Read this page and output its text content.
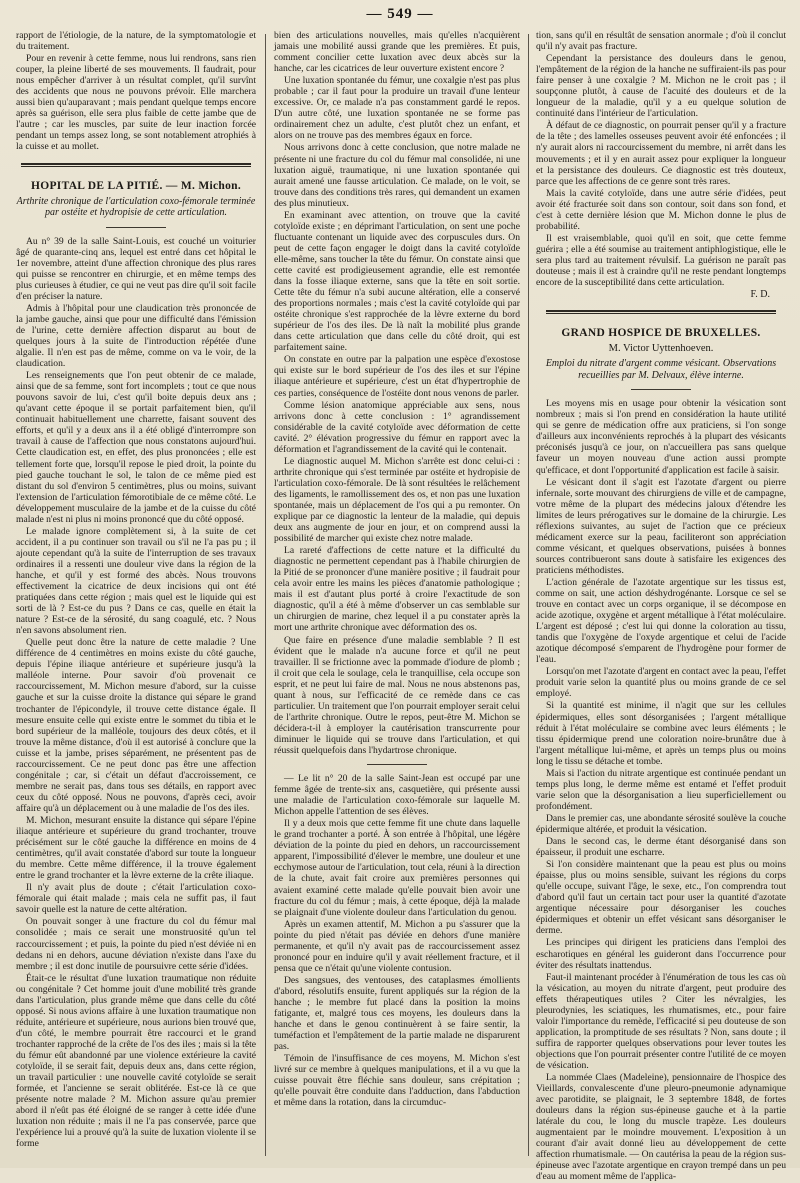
— 549 —

rapport de l'étiologie, de la nature, de la symptomatologie et du traitement.

Pour en revenir à cette femme, nous lui rendrons, sans rien couper, la pleine liberté de ses mouvements. Il faudrait, pour nous empêcher d'arriver à un résultat complet, qu'il survînt des accidents que nous ne pouvons prévoir. Elle marchera aussi bien qu'auparavant ; mais pendant quelque temps encore après sa guérison, elle sera plus faible de cette jambe que de l'autre ; car les muscles, par suite de leur inaction forcée pendant un temps assez long, se sont notablement atrophiés à la cuisse et au mollet.

HOPITAL DE LA PITIÉ. — M. Michon.
Arthrite chronique de l'articulation coxo-fémorale terminée par ostéite et hydropisie de cette articulation.

Au n° 39 de la salle Saint-Louis, est couché un voiturier âgé de quarante-cinq ans, lequel est entré dans cet hôpital le 1er novembre, atteint d'une affection chronique des plus rares qui puisse se rencontrer en chirurgie, et en même temps des plus curieuses à étudier, ce qui ne veut pas dire qu'il soit facile d'en préciser la nature.

Admis à l'hôpital pour une claudication très prononcée de la jambe gauche, ainsi que pour une difficulté dans l'émission de l'urine, cette dernière affection disparut au bout de quelques jours à la suite de l'introduction répétée d'une algalie. Il n'en est pas de même, comme on va le voir, de la claudication.

Les renseignements que l'on peut obtenir de ce malade, ainsi que de sa femme, sont fort incomplets ; tout ce que nous pouvons savoir de lui, c'est qu'il boite depuis deux ans ; qu'avant cette époque il se portait parfaitement bien, qu'il continuait habituellement une charrette, faisant souvent des efforts, et qu'il y a deux ans il a été obligé d'interrompre son travail à cause de l'affection que nous constatons aujourd'hui. Cette claudication est, en effet, des plus prononcées ; elle est tellement forte que, lorsqu'il repose le pied droit, la pointe du pied gauche touchant le sol, le talon de ce même pied est distant du sol d'environ 5 centimètres, plus ou moins, suivant l'extension de l'articulation fémorotibiale de ce même côté. Le développement musculaire de la jambe et de la cuisse du côté malade n'est ni plus ni moins prononcé que du côté opposé.

Le malade ignore complètement si, à la suite de cet accident, il a pu continuer son travail ou s'il ne l'a pas pu ; il ajoute cependant qu'à la suite de l'interruption de ses travaux ordinaires il a ressenti une douleur vive dans la région de la hanche, et qu'il y est formé des abcès. Nous trouvons effectivement la cicatrice de deux incisions qui ont été pratiquées dans cette région ; mais quel est le liquide qui est sorti de là ? Est-ce du pus ? Dans ce cas, quelle en était la nature ? Est-ce de la sérosité, du sang coagulé, etc. ? Nous n'en savons absolument rien.

Quelle peut donc être la nature de cette maladie ? Une différence de 4 centimètres en moins existe du côté gauche, depuis l'épine iliaque antérieure et supérieure jusqu'à la malléole interne. Pour savoir d'où provenait ce raccourcissement, M. Michon mesure d'abord, sur la cuisse gauche et sur la cuisse droite la distance qui sépare le grand trochanter de l'épicondyle, il trouve cette distance égale. Il mesure ensuite celle qui existe entre le sommet du tibia et le bord supérieur de la malléole, toujours des deux côtés, et il trouve la même distance, d'où il est autorisé à conclure que la cuisse et la jambe, prises séparément, ne présentent pas de raccourcissement. Ce ne peut donc pas être une affection congénitale ; car, si c'était un défaut d'accroissement, ce membre ne serait pas, dans tous ses détails, en rapport avec ceux du côté opposé. Nous ne pouvons, d'après ceci, avoir affaire qu'à un déplacement ou à une maladie de l'os des iles.

M. Michon, mesurant ensuite la distance qui sépare l'épine iliaque antérieure et supérieure du grand trochanter, trouve précisément sur le côté gauche la différence en moins de 4 centimètres, qu'il avait constatée d'abord sur toute la longueur du membre. Cette même différence, il la trouve également entre le grand trochanter et la lèvre externe de la crête iliaque.

Il n'y avait plus de doute ; c'était l'articulation coxo-fémorale qui était malade ; mais cela ne suffit pas, il faut savoir quelle est la nature de cette altération.

On pouvait songer à une fracture du col du fémur mal consolidée ; mais ce serait une monstruosité qu'un tel raccourcissement ; et puis, la pointe du pied n'est déviée ni en dedans ni en dehors, aucune déviation n'existe dans l'axe du membre ; il est donc inutile de poursuivre cette série d'idées.

Était-ce le résultat d'une luxation traumatique non réduite ou congénitale ? Cet homme jouit d'une mobilité très grande dans l'articulation, plus grande même que dans celle du côté opposé. Si nous avions affaire à une luxation traumatique non réduite, antérieure et supérieure, nous aurions bien trouvé que, d'un côté, le membre pourrait être raccourci et le grand trochanter rapproché de la crête de l'os des iles ; mais si la tête du fémur eût abandonné par une violence extérieure la cavité cotyloïde, il se serait fait, depuis deux ans, dans cette région, un travail particulier : une nouvelle cavité cotyloïde se serait formée, et l'ancienne se serait oblitérée. Est-ce là ce que présente notre malade ? M. Michon assure qu'au premier abord il n'eût pas été éloigné de se ranger à cette idée d'une luxation non réduite ; mais il ne l'a pas conservée, parce que l'expérience lui a prouvé qu'à la suite de luxation violente il se forme

bien des articulations nouvelles, mais qu'elles n'acquièrent jamais une mobilité aussi grande que les premières. Et puis, comment concilier cette luxation avec deux abcès sur la hanche, car les cicatrices de leur ouverture existent encore ?

Une luxation spontanée du fémur, une coxalgie n'est pas plus probable ; car il faut pour la produire un travail d'une lenteur excessive. Or, ce malade n'a pas constamment gardé le repos. D'un autre côté, une luxation spontanée ne se forme pas ordinairement chez un adulte, c'est plutôt chez un enfant, et alors on ne trouve pas des membres égaux en force.

Nous arrivons donc à cette conclusion, que notre malade ne présente ni une fracture du col du fémur mal consolidée, ni une luxation aiguë, traumatique, ni une luxation spontanée qui aurait amené une fausse articulation. Ce malade, on le voit, se trouve dans des conditions très rares, qui demandent un examen des plus minutieux.

En examinant avec attention, on trouve que la cavité cotyloïde existe ; en déprimant l'articulation, on sent une poche fluctuante contenant un liquide avec des corpuscules durs. On peut de cette façon engager le doigt dans la cavité cotyloïde elle-même, sans toucher la tête du fémur. On constate ainsi que cette cavité est prodigieusement agrandie, elle est remontée dans la fosse iliaque externe, sans que la tête en soit sortie. Cette tête du fémur n'a subi aucune altération, elle a conservé des proportions normales ; mais c'est la cavité cotyloïde qui par ostéite chronique s'est rapprochée de la lèvre externe du bord supérieur de l'os des iles. De là naît la mobilité plus grande dans cette articulation que dans celle du côté droit, qui est parfaitement saine.

On constate en outre par la palpation une espèce d'exostose qui existe sur le bord supérieur de l'os des iles et sur l'épine iliaque antérieure et supérieure, c'est un état d'hypertrophie de ces parties, conséquence de l'ostéite dont nous venons de parler.

Comme lésion anatomique appréciable aux sens, nous arrivons donc à cette conclusion : 1° agrandissement considérable de la cavité cotyloïde avec déformation de cette cavité. 2° élévation progressive du fémur en rapport avec la déformation et l'agrandissement de la cavité qui le contenait.

Le diagnostic auquel M. Michon s'arrête est donc celui-ci : arthrite chronique qui s'est terminée par ostéite et hydropisie de l'articulation coxo-fémorale. De là sont résultées le relâchement des ligaments, le ramollissement des os, et non pas une luxation spontanée, mais un déplacement de l'os qui a pu remonter. On explique par ce diagnostic la lenteur de la maladie, qui depuis deux ans augmente de jour en jour, et on comprend aussi la possibilité de marcher qui existe chez notre malade.

La rareté d'affections de cette nature et la difficulté du diagnostic ne permettent cependant pas à l'habile chirurgien de la Pitié de se prononcer d'une manière positive ; il faudrait pour cela avoir entre les mains les pièces d'anatomie pathologique ; mais il est d'autant plus porté à croire l'exactitude de son diagnostic, qu'il a été à même d'observer un cas semblable sur un chirurgien de marine, chez lequel il a pu constater après la mort une arthrite chronique avec déformation des os.

Que faire en présence d'une maladie semblable ? Il est évident que le malade n'a aucune force et qu'il ne peut travailler. Il se frictionne avec la pommade d'iodure de plomb ; il croit que cela le soulage, cela le tranquillise, cela occupe son esprit, et ne peut lui faire de mal. Nous ne nous abstenons pas, quant à nous, sur l'efficacité de ce remède dans ce cas particulier. Un traitement que l'on pourrait employer serait celui de l'arthrite chronique. Outre le repos, peut-être M. Michon se décidera-t-il à employer la cautérisation transcurrente pour diminuer le liquide qui se trouve dans l'articulation, et qui réussit quelquefois dans l'hydartrose chronique.

— Le lit n° 20 de la salle Saint-Jean est occupé par une femme âgée de trente-six ans, casquetière, qui présente aussi une maladie de l'articulation coxo-fémorale sur laquelle M. Michon appelle l'attention de ses élèves.

Il y a deux mois que cette femme fit une chute dans laquelle le grand trochanter a porté. À son entrée à l'hôpital, une légère déviation de la pointe du pied en dehors, un raccourcissement apparent, l'impossibilité d'élever le membre, une douleur et une ecchymose autour de l'articulation, tout cela, réuni à la direction de la chute, avait fait croire aux premières personnes qui avaient examiné cette malade qu'elle pouvait bien avoir une fracture du col du fémur ; mais, à cette époque, déjà la malade se plaignait d'une violente douleur dans l'articulation du genou.

Après un examen attentif, M. Michon a pu s'assurer que la pointe du pied n'était pas déviée en dehors d'une manière permanente, et qu'il n'y avait pas de raccourcissement assez prononcé pour en induire qu'il y avait réellement fracture, et il pensa que ce n'était qu'une violente contusion.

Des sangsues, des ventouses, des cataplasmes émollients d'abord, résolutifs ensuite, furent appliqués sur la région de la hanche ; le membre fut placé dans la position la moins fatigante, et, malgré tous ces moyens, les douleurs dans la hanche et dans le genou continuèrent à se faire sentir, la tuméfaction et l'empâtement de la partie malade ne disparurent pas.

Témoin de l'insuffisance de ces moyens, M. Michon s'est livré sur ce membre à quelques manipulations, et il a vu que la cuisse pouvait être fléchie sans douleur, sans crépitation ; qu'elle pouvait être conduite dans l'adduction, dans l'abduction et même dans la rotation, dans la circumduc-

tion, sans qu'il en résultât de sensation anormale ; d'où il conclut qu'il n'y avait pas fracture.

Cependant la persistance des douleurs dans le genou, l'empâtement de la région de la hanche ne suffiraient-ils pas pour faire penser à une coxalgie ? M. Michon ne le croit pas ; il soupçonne plutôt, à cause de l'acuité des douleurs et de la longueur de la maladie, qu'il y a eu quelque solution de continuité dans l'intérieur de l'articulation.

À défaut de ce diagnostic, on pourrait penser qu'il y a fracture de la tête ; des lamelles osseuses peuvent avoir été enfoncées ; il n'y aurait alors ni raccourcissement du membre, ni arrêt dans les mouvements ; et il y en aurait assez pour expliquer la longueur et la persistance des douleurs. Ce diagnostic est très douteux, parce que les affections de ce genre sont très rares.

Mais la cavité cotyloïde, dans une autre série d'idées, peut avoir été fracturée soit dans son contour, soit dans son fond, et c'est à cette dernière lésion que M. Michon donne le plus de probabilité.

Il est vraisemblable, quoi qu'il en soit, que cette femme guérira ; elle a été soumise au traitement antiphlogistique, elle le sera plus tard au traitement révulsif. La guérison ne paraît pas douteuse ; mais il est à craindre qu'il ne reste pendant longtemps encore de la susceptibilité dans cette articulation.

F. D.
GRAND HOSPICE DE BRUXELLES.
M. Victor Uyttenhoeven.
Emploi du nitrate d'argent comme vésicant. Observations recueillies par M. Delvaux, élève interne.

Les moyens mis en usage pour obtenir la vésication sont nombreux ; mais si l'on prend en considération la haute utilité qui se genre de médication offre aux praticiens, si l'on songe d'ailleurs aux inconvénients reprochés à la plupart des vésicants préconisés jusqu'à ce jour, on n'accueillera pas sans quelque faveur un moyen nouveau d'une action aussi prompte qu'efficace, et dont l'opportunité d'application est facile à saisir.

Le vésicant dont il s'agit est l'azotate d'argent ou pierre infernale, sorte mouvant des chirurgiens de ville et de campagne, votre même de la plupart des médecins jaloux d'étendre les limites de leurs prérogatives sur le domaine de la chirurgie. Les réflexions suivantes, au sujet de l'action que ce précieux médicament exerce sur la peau, faciliteront son appréciation comme vésicant, et quelques observations, puisées à bonnes sources contribueront sans doute à satisfaire les exigences des praticiens méthodistes.

L'action générale de l'azotate argentique sur les tissus est, comme on sait, une action déshydrogénante. Lorsque ce sel se trouve en contact avec un corps organique, il se décompose en acide azotique, oxygène et argent métallique à l'état moléculaire. L'argent est déposé ; c'est lui qui donne la coloration au tissu, tandis que l'oxygène de l'oxyde argentique et celui de l'acide azotique décomposé s'emparent de l'hydrogène pour former de l'eau.

Lorsqu'on met l'azotate d'argent en contact avec la peau, l'effet produit varie selon la quantité plus ou moins grande de ce sel employé.

Si la quantité est minime, il n'agit que sur les cellules épidermiques, elles sont désorganisées ; l'argent métallique réduit à l'état moléculaire se combine avec leurs éléments ; le tissu épidermique prend une coloration noire-brunâtre due à l'argent métallique lui-même, et après un temps plus ou moins long le tissu se détache et tombe.

Mais si l'action du nitrate argentique est continuée pendant un temps plus long, le derme même est entamé et l'effet produit varie selon que la désorganisation a lieu superficiellement ou profondément.

Dans le premier cas, une abondante sérosité soulève la couche épidermique altérée, et produit la vésication.

Dans le second cas, le derme étant désorganisé dans son épaisseur, il produit une escharre.

Si l'on considère maintenant que la peau est plus ou moins épaisse, plus ou moins sensible, suivant les régions du corps qu'elle occupe, suivant l'âge, le sexe, etc., l'on comprendra tout d'abord qu'il faut un certain tact pour user la quantité d'azotate argentique nécessaire pour désorganiser les couches épidermiques et obtenir un effet vésicant sans désorganiser le derme.

Les principes qui dirigent les praticiens dans l'emploi des escharotiques en général les guideront dans l'occurrence pour éviter des résultats inattendus.

Faut-il maintenant procéder à l'énumération de tous les cas où la vésication, au moyen du nitrate d'argent, peut produire des effets thérapeutiques utiles ? Citer les névralgies, les pleurodynies, les sciatiques, les rhumatismes, etc., pour faire valoir l'importance du remède, l'efficacité si peu douteuse de son application, la promptitude de ses résultats ? Non, sans doute ; il suffira de rapporter quelques observations pour lever toutes les objections que l'on pourrait présenter contre l'utilité de ce moyen de vésication.

La nommée Claes (Madeleine), pensionnaire de l'hospice des Vieillards, convalescente d'une pleuro-pneumonie adynamique avec parotidite, se plaignait, le 3 septembre 1848, de fortes douleurs dans la région sus-épineuse gauche et à la partie latérale du cou, le long du muscle trapèze. Les douleurs augmentaient par le moindre mouvement. L'exposition à un courant d'air avait donné lieu au développement de cette affection rhumatismale. — On cautérisa la peau de la région sus-épineuse avec l'azotate argentique en crayon trempé dans un peu d'eau au moment même de l'applica-
